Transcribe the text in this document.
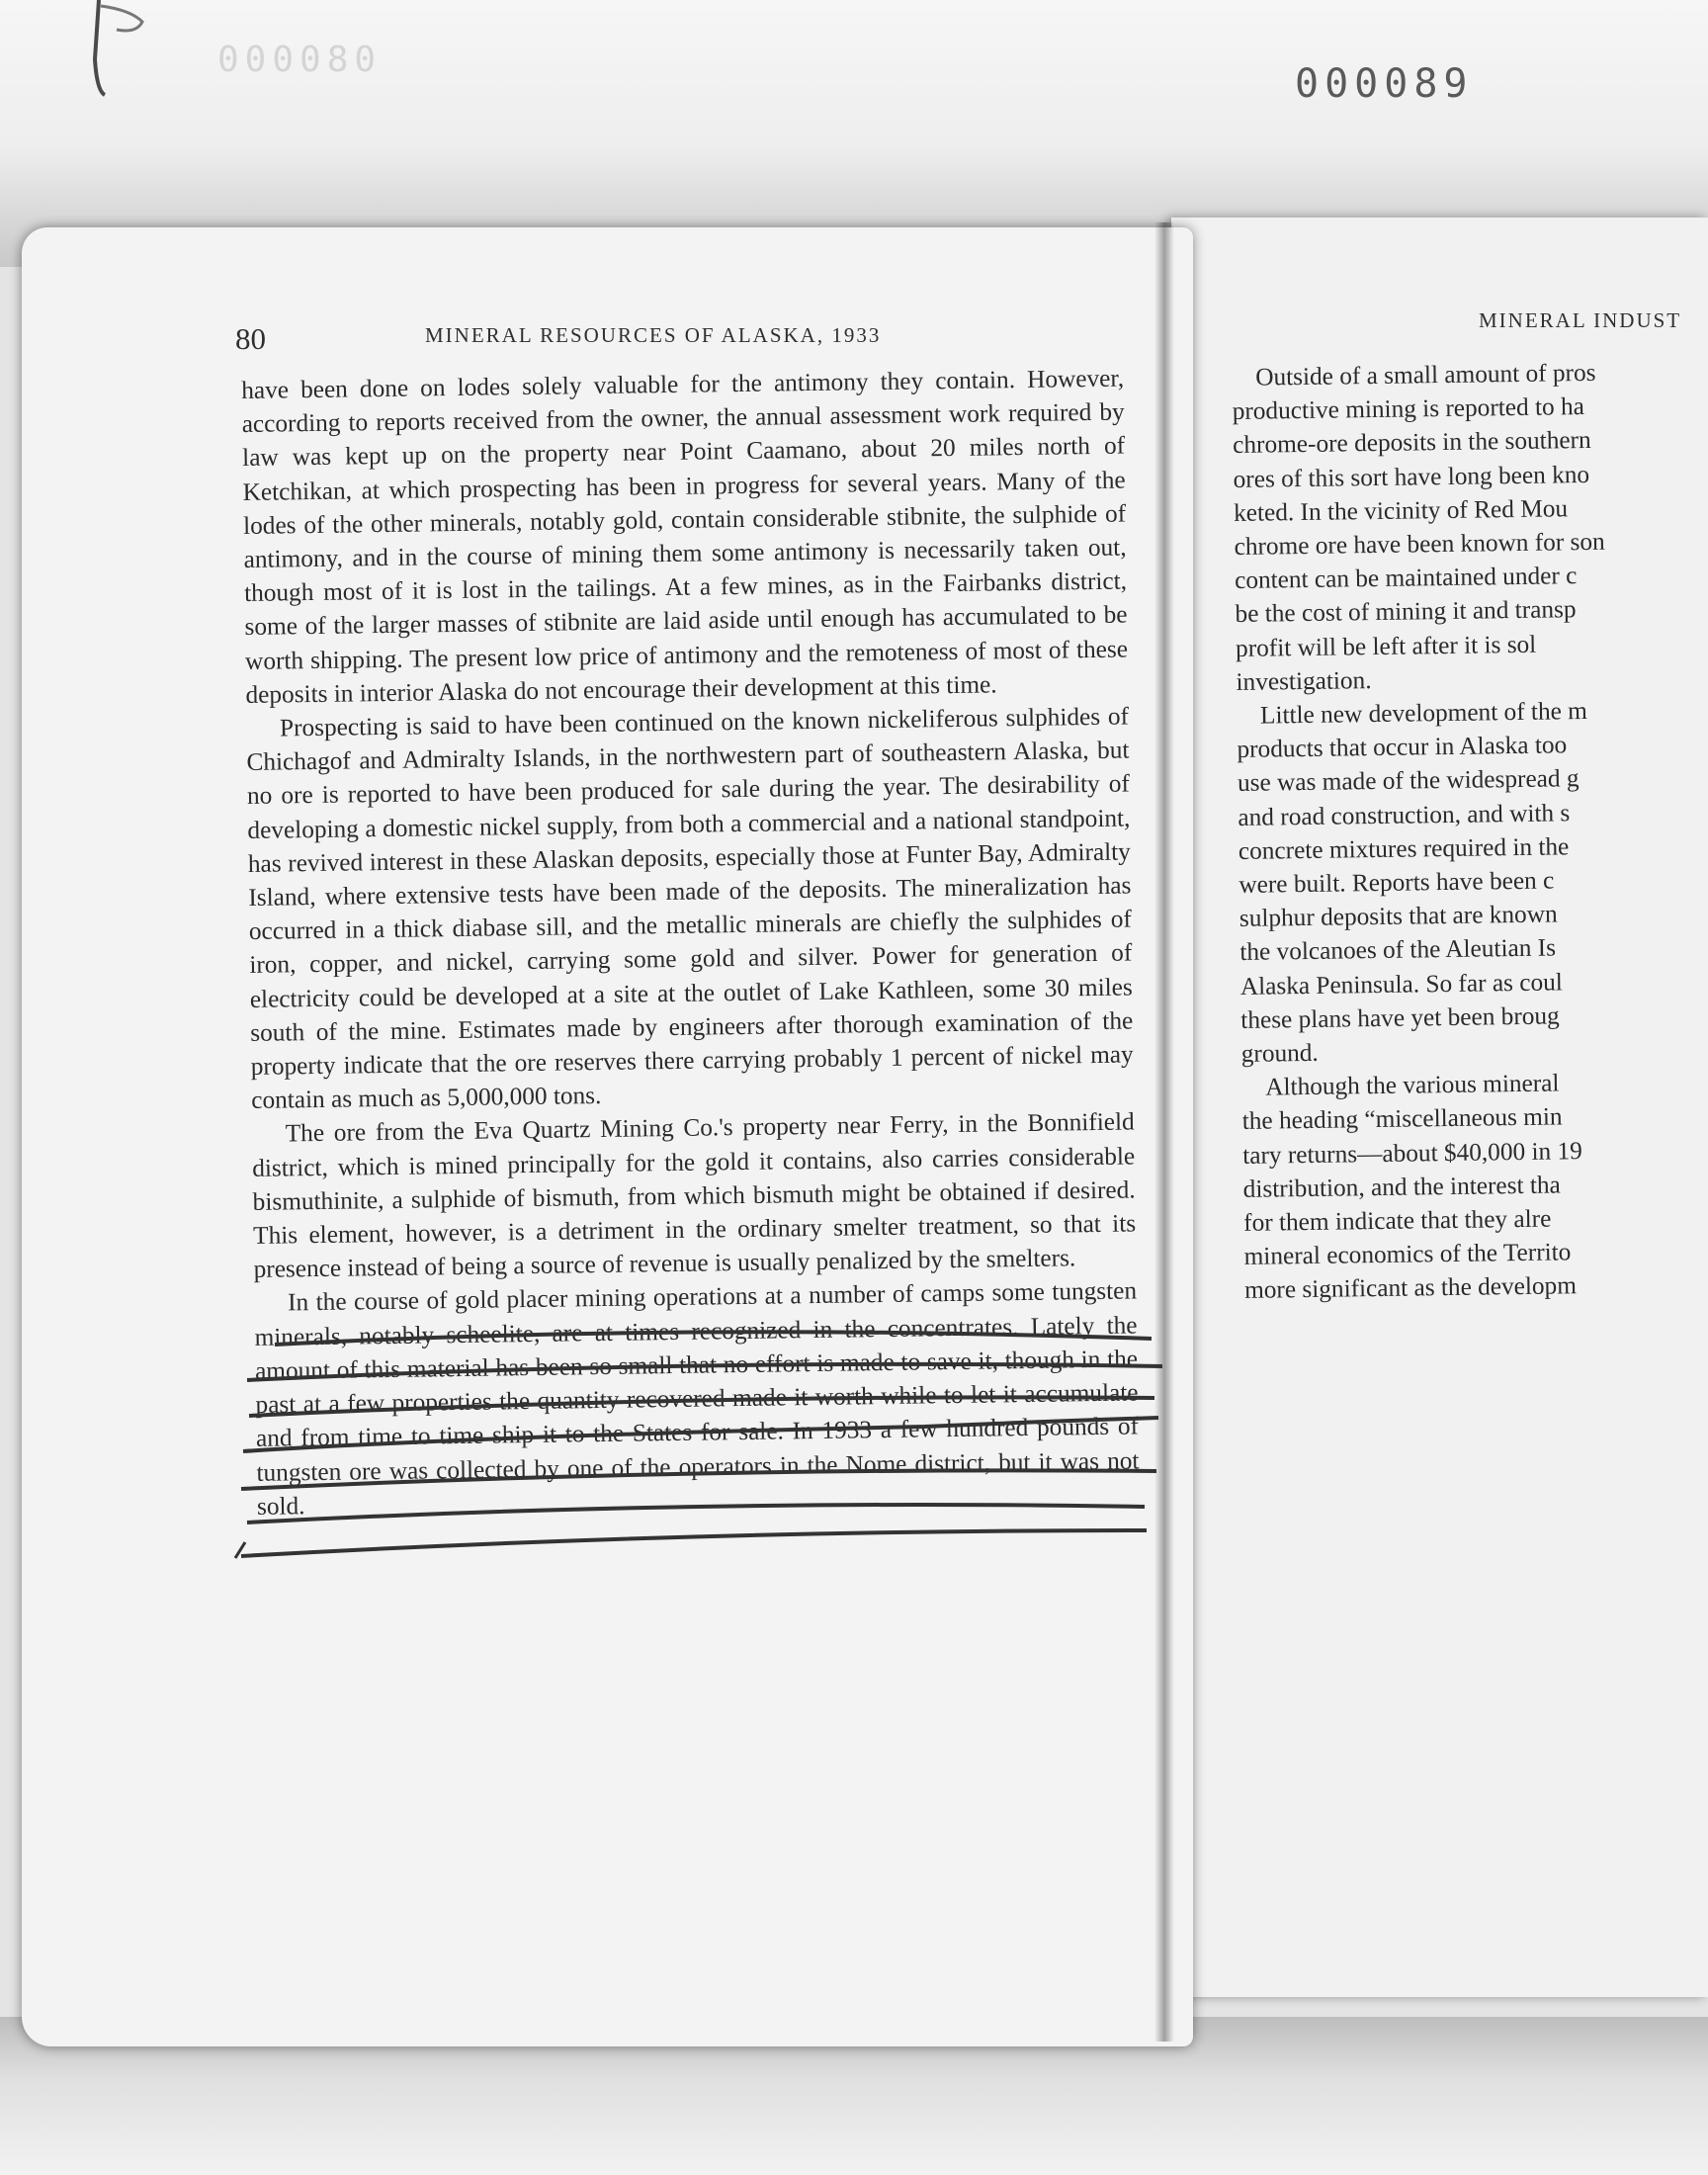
000080
000089
80	MINERAL RESOURCES OF ALASKA, 1933

have been done on lodes solely valuable for the antimony they contain. However, according to reports received from the owner, the annual assessment work required by law was kept up on the property near Point Caamano, about 20 miles north of Ketchikan, at which prospecting has been in progress for several years. Many of the lodes of the other minerals, notably gold, contain considerable stibnite, the sulphide of antimony, and in the course of mining them some antimony is necessarily taken out, though most of it is lost in the tailings. At a few mines, as in the Fairbanks district, some of the larger masses of stibnite are laid aside until enough has accumulated to be worth shipping. The present low price of antimony and the remoteness of most of these deposits in interior Alaska do not encourage their development at this time.

Prospecting is said to have been continued on the known nickeliferous sulphides of Chichagof and Admiralty Islands, in the northwestern part of southeastern Alaska, but no ore is reported to have been produced for sale during the year. The desirability of developing a domestic nickel supply, from both a commercial and a national standpoint, has revived interest in these Alaskan deposits, especially those at Funter Bay, Admiralty Island, where extensive tests have been made of the deposits. The mineralization has occurred in a thick diabase sill, and the metallic minerals are chiefly the sulphides of iron, copper, and nickel, carrying some gold and silver. Power for generation of electricity could be developed at a site at the outlet of Lake Kathleen, some 30 miles south of the mine. Estimates made by engineers after thorough examination of the property indicate that the ore reserves there carrying probably 1 percent of nickel may contain as much as 5,000,000 tons.

The ore from the Eva Quartz Mining Co.'s property near Ferry, in the Bonnifield district, which is mined principally for the gold it contains, also carries considerable bismuthinite, a sulphide of bismuth, from which bismuth might be obtained if desired. This element, however, is a detriment in the ordinary smelter treatment, so that its presence instead of being a source of revenue is usually penalized by the smelters.

In the course of gold placer mining operations at a number of camps some tungsten minerals, notably scheelite, are at times recognized in the concentrates. Lately the amount of this material has been so small that no effort is made to save it, though in the past at a few properties the quantity recovered made it worth while to let it accumulate and from time to time ship it to the States for sale. In 1933 a few hundred pounds of tungsten ore was collected by one of the operators in the Nome district, but it was not sold.

MINERAL INDUST
Outside of a small amount of pros
productive mining is reported to ha
chrome-ore deposits in the southern
ores of this sort have long been kno
keted. In the vicinity of Red Mou
chrome ore have been known for son
content can be maintained under c
be the cost of mining it and transp
profit will be left after it is sol
investigation.
Little new development of the m
products that occur in Alaska too
use was made of the widespread g
and road construction, and with s
concrete mixtures required in the
were built. Reports have been c
sulphur deposits that are known
the volcanoes of the Aleutian Is
Alaska Peninsula. So far as coul
these plans have yet been broug
ground.
Although the various mineral
the heading “miscellaneous min
tary returns—about $40,000 in 19
distribution, and the interest tha
for them indicate that they alre
mineral economics of the Territo
more significant as the developm
